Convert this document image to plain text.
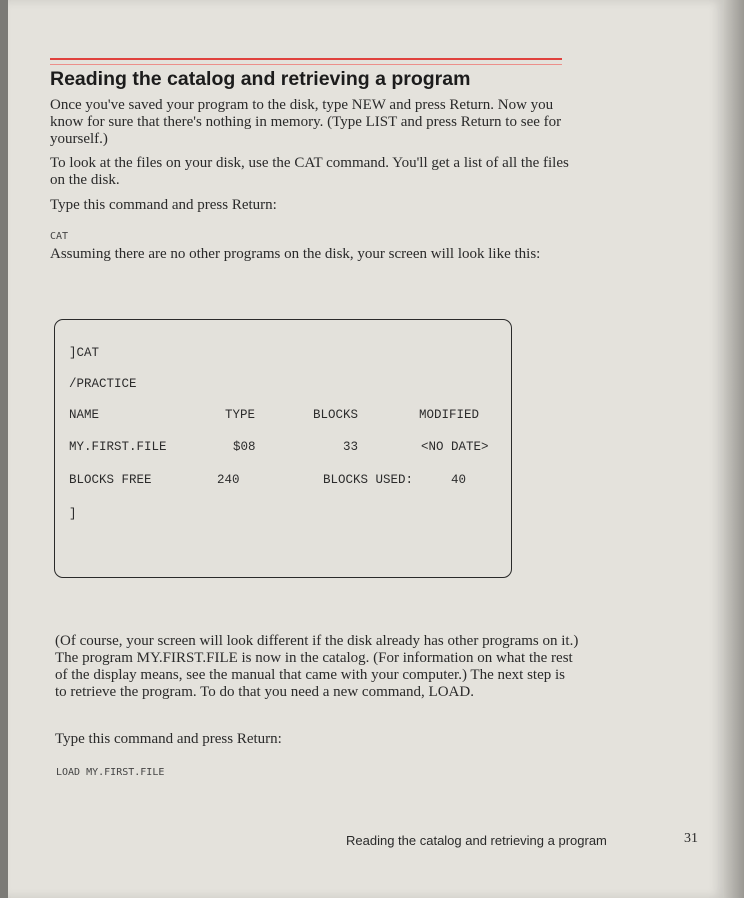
Reading the catalog and retrieving a program

Once you've saved your program to the disk, type NEW and press Return. Now you know for sure that there's nothing in memory. (Type LIST and press Return to see for yourself.)

To look at the files on your disk, use the CAT command. You'll get a list of all the files on the disk.

Type this command and press Return:

CAT

Assuming there are no other programs on the disk, your screen will look like this:

]CAT
/PRACTICE
NAME	TYPE	BLOCKS	MODIFIED
MY.FIRST.FILE	$08	33	<NO DATE>
BLOCKS FREE	240	BLOCKS USED:	40
]

(Of course, your screen will look different if the disk already has other programs on it.) The program MY.FIRST.FILE is now in the catalog. (For information on what the rest of the display means, see the manual that came with your computer.) The next step is to retrieve the program. To do that you need a new command, LOAD.

Type this command and press Return:

LOAD MY.FIRST.FILE
Reading the catalog and retrieving a program	31
